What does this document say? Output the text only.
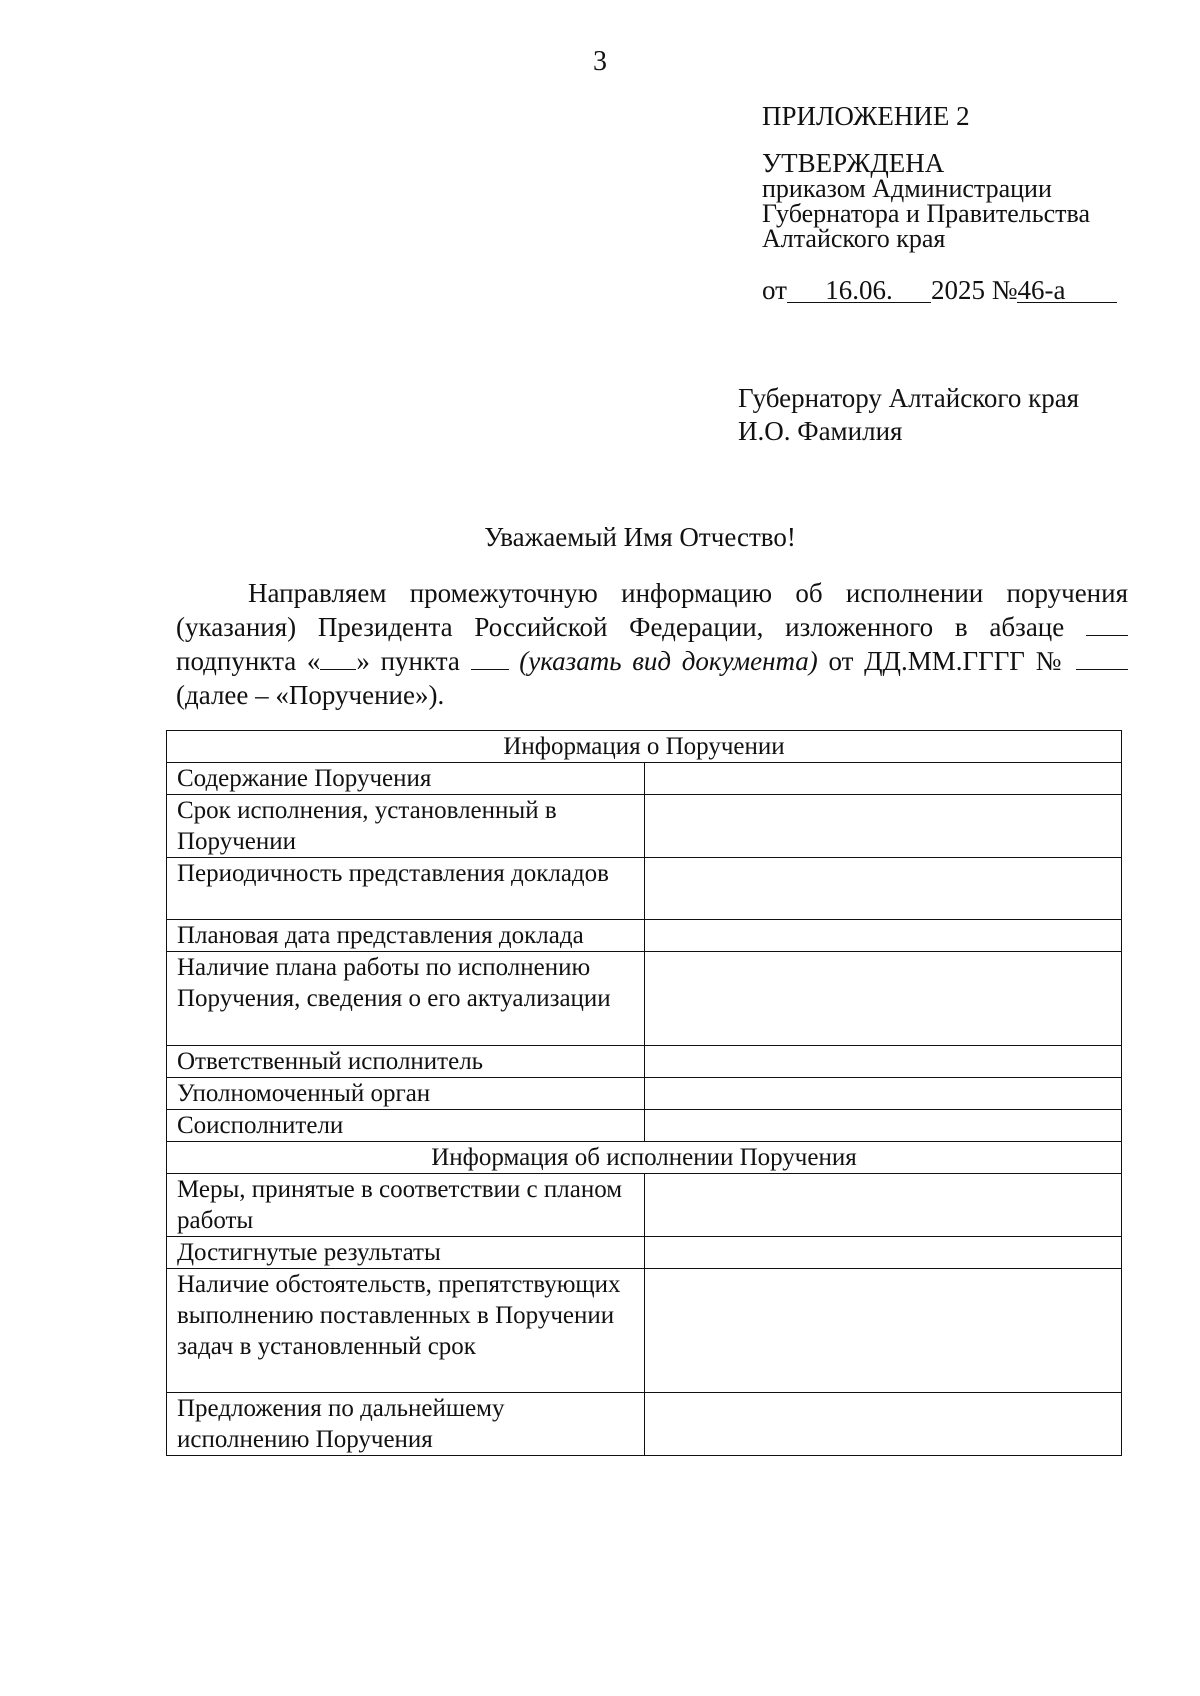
3
ПРИЛОЖЕНИЕ 2
УТВЕРЖДЕНА
приказом Администрации
Губернатора и Правительства
Алтайского края
от 16.06. 2025 №46-а
Губернатору Алтайского края
И.О. Фамилия
Уважаемый Имя Отчество!
Направляем промежуточную информацию об исполнении поручения (указания) Президента Российской Федерации, изложенного в абзаце  подпункта « » пункта  (указать вид документа) от ДД.ММ.ГГГГ №  (далее – «Поручение»).
Информация о Поручении	
Содержание Поручения	
Срок исполнения, установленный в Поручении	
Периодичность представления докладов	
Плановая дата представления доклада	
Наличие плана работы по исполнению Поручения, сведения о его актуализации	
Ответственный исполнитель	
Уполномоченный орган	
Соисполнители	
Информация об исполнении Поручения	
Меры, принятые в соответствии с планом работы	
Достигнутые результаты	
Наличие обстоятельств, препятствующих выполнению поставленных в Поручении задач в установленный срок	
Предложения по дальнейшему исполнению Поручения	
